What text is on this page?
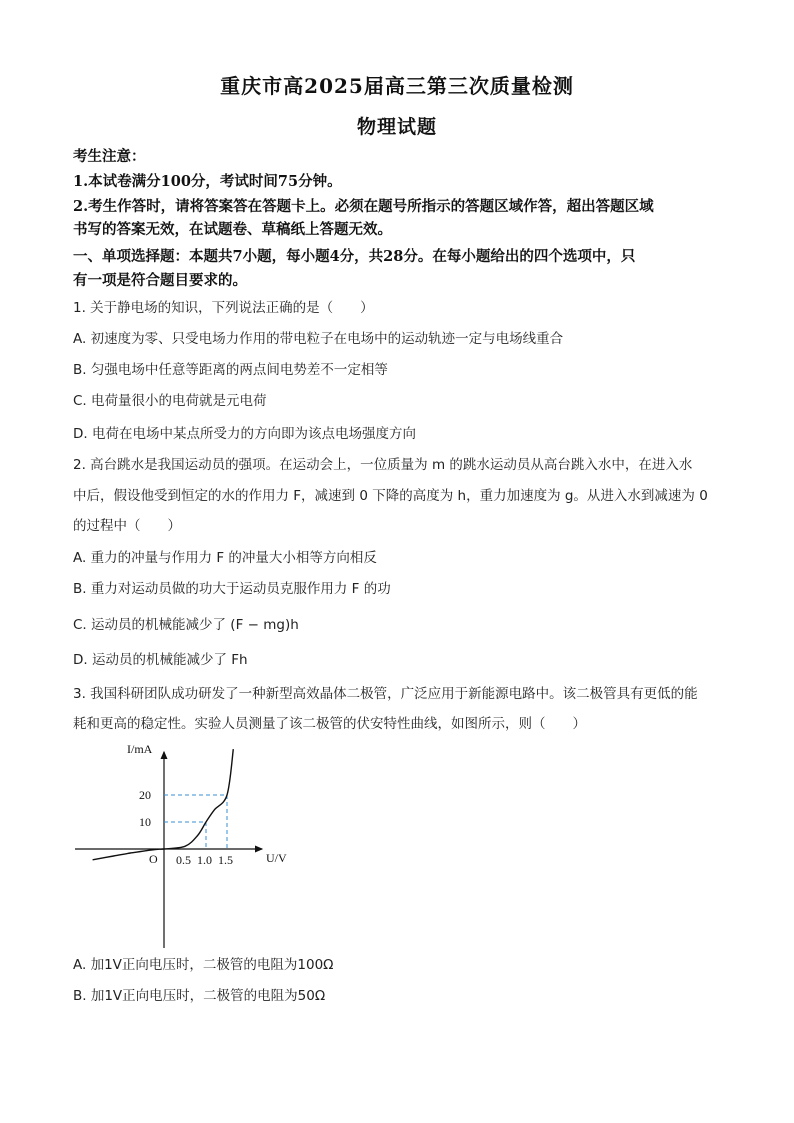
重庆市高2025届高三第三次质量检测
物理试题
考生注意：
1.本试卷满分100分，考试时间75分钟。
2.考生作答时，请将答案答在答题卡上。必须在题号所指示的答题区域作答，超出答题区域
书写的答案无效，在试题卷、草稿纸上答题无效。
一、单项选择题：本题共7小题，每小题4分，共28分。在每小题给出的四个选项中，只
有一项是符合题目要求的。
1. 关于静电场的知识，下列说法正确的是（　　）
A. 初速度为零、只受电场力作用的带电粒子在电场中的运动轨迹一定与电场线重合
B. 匀强电场中任意等距离的两点间电势差不一定相等
C. 电荷量很小的电荷就是元电荷
D. 电荷在电场中某点所受力的方向即为该点电场强度方向
2. 高台跳水是我国运动员的强项。在运动会上，一位质量为 m 的跳水运动员从高台跳入水中，在进入水
中后，假设他受到恒定的水的作用力 F，减速到 0 下降的高度为 h，重力加速度为 g。从进入水到减速为 0
的过程中（　　）
A. 重力的冲量与作用力 F 的冲量大小相等方向相反
B. 重力对运动员做的功大于运动员克服作用力 F 的功
C. 运动员的机械能减少了 (F − mg)h
D. 运动员的机械能减少了 Fh
3. 我国科研团队成功研发了一种新型高效晶体二极管，广泛应用于新能源电路中。该二极管具有更低的能
耗和更高的稳定性。实验人员测量了该二极管的伏安特性曲线，如图所示，则（　　）
0.5 1.0 1.5
10
20
I/mA
U/V
O
A. 加1V正向电压时，二极管的电阻为100Ω
B. 加1V正向电压时，二极管的电阻为50Ω
